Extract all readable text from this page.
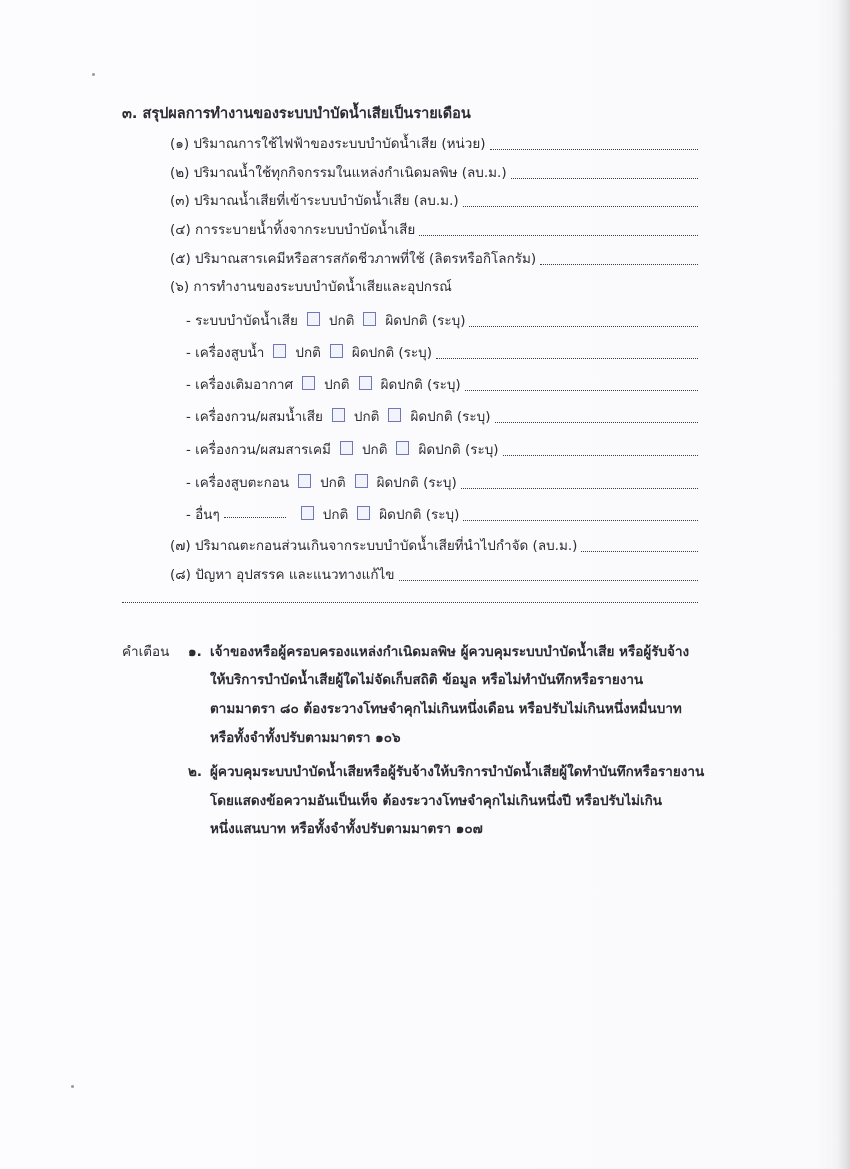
๓. สรุปผลการทำงานของระบบบำบัดน้ำเสียเป็นรายเดือน
(๑) ปริมาณการใช้ไฟฟ้าของระบบบำบัดน้ำเสีย (หน่วย)
(๒) ปริมาณน้ำใช้ทุกกิจกรรมในแหล่งกำเนิดมลพิษ (ลบ.ม.)
(๓) ปริมาณน้ำเสียที่เข้าระบบบำบัดน้ำเสีย (ลบ.ม.)
(๔) การระบายน้ำทิ้งจากระบบบำบัดน้ำเสีย
(๕) ปริมาณสารเคมีหรือสารสกัดชีวภาพที่ใช้ (ลิตรหรือกิโลกรัม)
(๖) การทำงานของระบบบำบัดน้ำเสียและอุปกรณ์
- ระบบบำบัดน้ำเสีย ปกติ ผิดปกติ (ระบุ)
- เครื่องสูบน้ำ ปกติ ผิดปกติ (ระบุ)
- เครื่องเติมอากาศ ปกติ ผิดปกติ (ระบุ)
- เครื่องกวน/ผสมน้ำเสีย ปกติ ผิดปกติ (ระบุ)
- เครื่องกวน/ผสมสารเคมี ปกติ ผิดปกติ (ระบุ)
- เครื่องสูบตะกอน ปกติ ผิดปกติ (ระบุ)
- อื่นๆ	ปกติ ผิดปกติ (ระบุ)
(๗) ปริมาณตะกอนส่วนเกินจากระบบบำบัดน้ำเสียที่นำไปกำจัด (ลบ.ม.)
(๘) ปัญหา อุปสรรค และแนวทางแก้ไข
คำเตือน ๑. เจ้าของหรือผู้ครอบครองแหล่งกำเนิดมลพิษ ผู้ควบคุมระบบบำบัดน้ำเสีย หรือผู้รับจ้าง
ให้บริการบำบัดน้ำเสียผู้ใดไม่จัดเก็บสถิติ ข้อมูล หรือไม่ทำบันทึกหรือรายงาน
ตามมาตรา ๘๐ ต้องระวางโทษจำคุกไม่เกินหนึ่งเดือน หรือปรับไม่เกินหนึ่งหมื่นบาท
หรือทั้งจำทั้งปรับตามมาตรา ๑๐๖
๒. ผู้ควบคุมระบบบำบัดน้ำเสียหรือผู้รับจ้างให้บริการบำบัดน้ำเสียผู้ใดทำบันทึกหรือรายงาน
โดยแสดงข้อความอันเป็นเท็จ ต้องระวางโทษจำคุกไม่เกินหนึ่งปี หรือปรับไม่เกิน
หนึ่งแสนบาท หรือทั้งจำทั้งปรับตามมาตรา ๑๐๗
